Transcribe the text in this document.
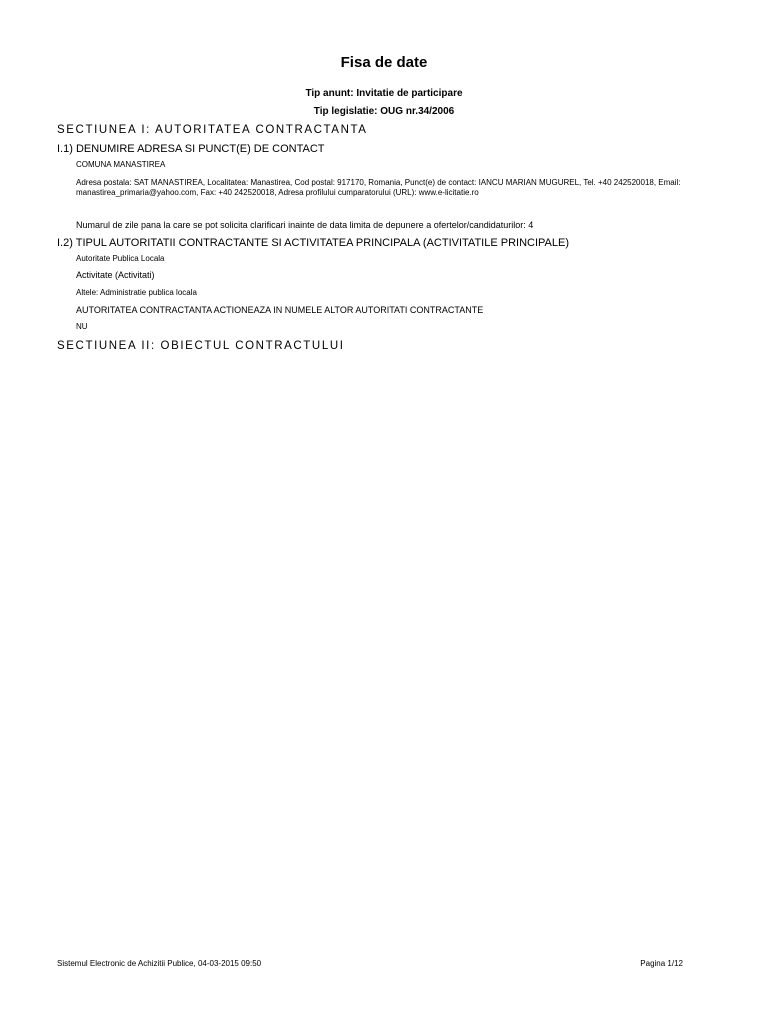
Fisa de date
Tip anunt: Invitatie de participare
Tip legislatie: OUG nr.34/2006
SECTIUNEA I: AUTORITATEA CONTRACTANTA
I.1) DENUMIRE ADRESA SI PUNCT(E) DE CONTACT
COMUNA MANASTIREA
Adresa postala: SAT MANASTIREA, Localitatea: Manastirea, Cod postal: 917170, Romania, Punct(e) de contact: IANCU MARIAN MUGUREL, Tel. +40 242520018, Email: manastirea_primaria@yahoo.com, Fax: +40 242520018, Adresa profilului cumparatorului (URL): www.e-licitatie.ro
Numarul de zile pana la care se pot solicita clarificari inainte de data limita de depunere a ofertelor/candidaturilor: 4
I.2) TIPUL AUTORITATII CONTRACTANTE SI ACTIVITATEA PRINCIPALA (ACTIVITATILE PRINCIPALE)
Autoritate Publica Locala
Activitate (Activitati)
Altele: Administratie publica locala
AUTORITATEA CONTRACTANTA ACTIONEAZA IN NUMELE ALTOR AUTORITATI CONTRACTANTE
NU
SECTIUNEA II: OBIECTUL CONTRACTULUI
Sistemul Electronic de Achizitii Publice, 04-03-2015 09:50	Pagina 1/12
